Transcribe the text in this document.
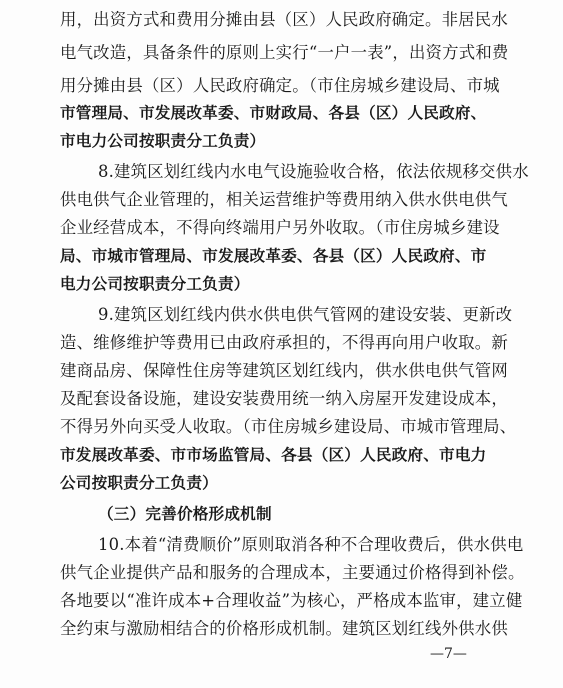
用，出资方式和费用分摊由县（区）人民政府确定。非居民水
电气改造，具备条件的原则上实行“一户一表”，出资方式和费
用分摊由县（区）人民政府确定。（市住房城乡建设局、市城
市管理局、市发展改革委、市财政局、各县（区）人民政府、
市电力公司按职责分工负责）
8.建筑区划红线内水电气设施验收合格，依法依规移交供水
供电供气企业管理的，相关运营维护等费用纳入供水供电供气
企业经营成本，不得向终端用户另外收取。（市住房城乡建设
局、市城市管理局、市发展改革委、各县（区）人民政府、市
电力公司按职责分工负责）
9.建筑区划红线内供水供电供气管网的建设安装、更新改
造、维修维护等费用已由政府承担的，不得再向用户收取。新
建商品房、保障性住房等建筑区划红线内，供水供电供气管网
及配套设备设施，建设安装费用统一纳入房屋开发建设成本，
不得另外向买受人收取。（市住房城乡建设局、市城市管理局、
市发展改革委、市市场监管局、各县（区）人民政府、市电力
公司按职责分工负责）
（三）完善价格形成机制
10.本着“清费顺价”原则取消各种不合理收费后，供水供电
供气企业提供产品和服务的合理成本，主要通过价格得到补偿。
各地要以“准许成本+合理收益”为核心，严格成本监审，建立健
全约束与激励相结合的价格形成机制。建筑区划红线外供水供
—7—
